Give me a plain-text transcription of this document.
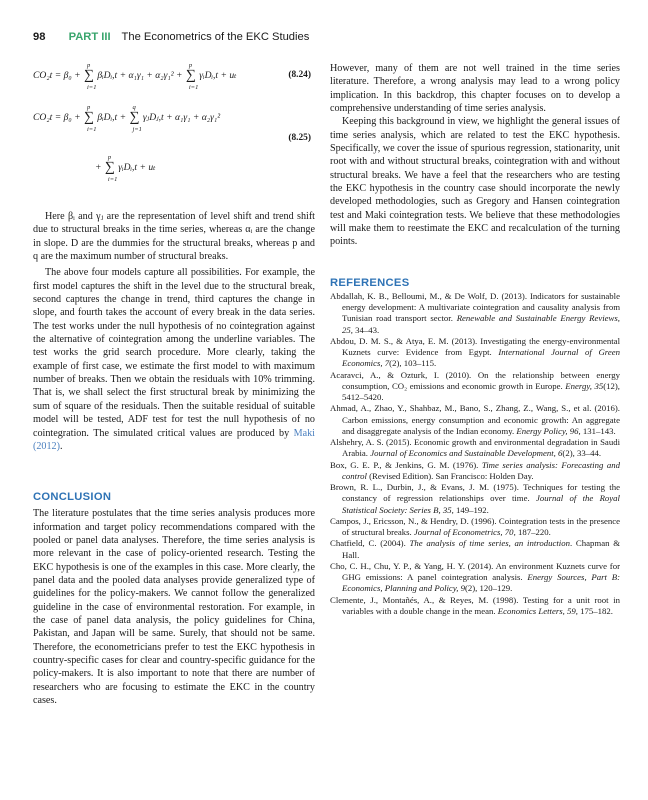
98 PART III The Econometrics of the EKC Studies
CO₂t = β₀ + ∑
p
i=1
βᵢDᵢ,t + α₁γ₁ + α₂γ₁² + ∑
p
i=1
γᵢDᵢ,t + uₜ	(8.24)
CO₂t = β₀ + ∑
p
i=1
βᵢDᵢ,t + ∑
q
j=1
γⱼDⱼ,t + α₁γ₁ + α₂γ₁²
(8.25)
+ ∑
p
i=1
γᵢDᵢ,t + uₜ

Here βᵢ and γⱼ are the representation of level shift and trend shift due to structural breaks in the time series, whereas αᵢ are the change in slope. D are the dummies for the structural breaks, whereas p and q are the maximum number of structural breaks.

The above four models capture all possibilities. For example, the first model captures the shift in the level due to the structural break, second captures the change in trend, third captures the change in slope, and fourth takes the account of every break in the data series. The test works under the null hypothesis of no cointegration against the alternative of cointegration among the underline variables. The test works the grid search procedure. More clearly, taking the example of first case, we estimate the first model to with maximum number of breaks. Then we obtain the residuals with 10% trimming. That is, we shall select the first structural break by minimizing the sum of square of the residuals. Then the suitable residual of suitable model will be tested, ADF test for test the null hypothesis of no cointegration. The simulated critical values are produced by Maki (2012).

CONCLUSION

The literature postulates that the time series analysis produces more information and target policy recommendations compared with the pooled or panel data analyses. Therefore, the time series analysis is more relevant in the case of policy-oriented research. Testing the EKC hypothesis is one of the examples in this case. More clearly, the panel data and the pooled data analyses provide generalized type of guidelines for the policy-makers. We cannot follow the generalized guideline in the case of environmental restoration. For example, in the case of panel data analysis, the policy guidelines for China, Pakistan, and Japan will be same. Surely, that should not be same. Therefore, the econometricians prefer to test the EKC hypothesis in country-specific cases for clear and country-specific guidance for the policy-makers. It is also important to note that there are number of researchers who are focusing to estimate the EKC in the country cases.

However, many of them are not well trained in the time series literature. Therefore, a wrong analysis may lead to a wrong policy implication. In this backdrop, this chapter focuses on to develop a comprehensive understanding of time series analysis.

Keeping this background in view, we highlight the general issues of time series analysis, which are related to test the EKC hypothesis. Specifically, we cover the issue of spurious regression, stationarity, unit root with and without structural breaks, cointegration with and without structural breaks. We have a feel that the researchers who are testing the EKC hypothesis in the country case should incorporate the newly developed methodologies, such as Gregory and Hansen cointegration test and Maki cointegration tests. We believe that these methodologies will make them to reestimate the EKC and recalculation of the turning points.

REFERENCES
Abdallah, K. B., Belloumi, M., & De Wolf, D. (2013). Indicators for sustainable energy development: A multivariate cointegration and causality analysis from Tunisian road transport sector. Renewable and Sustainable Energy Reviews, 25, 34–43.
Abdou, D. M. S., & Atya, E. M. (2013). Investigating the energy-environmental Kuznets curve: Evidence from Egypt. International Journal of Green Economics, 7(2), 103–115.
Acaravci, A., & Ozturk, I. (2010). On the relationship between energy consumption, CO₂ emissions and economic growth in Europe. Energy, 35(12), 5412–5420.
Ahmad, A., Zhao, Y., Shahbaz, M., Bano, S., Zhang, Z., Wang, S., et al. (2016). Carbon emissions, energy consumption and economic growth: An aggregate and disaggregate analysis of the Indian economy. Energy Policy, 96, 131–143.
Alshehry, A. S. (2015). Economic growth and environmental degradation in Saudi Arabia. Journal of Economics and Sustainable Development, 6(2), 33–44.
Box, G. E. P., & Jenkins, G. M. (1976). Time series analysis: Forecasting and control (Revised Edition). San Francisco: Holden Day.
Brown, R. L., Durbin, J., & Evans, J. M. (1975). Techniques for testing the constancy of regression relationships over time. Journal of the Royal Statistical Society: Series B, 35, 149–192.
Campos, J., Ericsson, N., & Hendry, D. (1996). Cointegration tests in the presence of structural breaks. Journal of Econometrics, 70, 187–220.
Chatfield, C. (2004). The analysis of time series, an introduction. Chapman & Hall.
Cho, C. H., Chu, Y. P., & Yang, H. Y. (2014). An environment Kuznets curve for GHG emissions: A panel cointegration analysis. Energy Sources, Part B: Economics, Planning and Policy, 9(2), 120–129.
Clemente, J., Montañés, A., & Reyes, M. (1998). Testing for a unit root in variables with a double change in the mean. Economics Letters, 59, 175–182.
